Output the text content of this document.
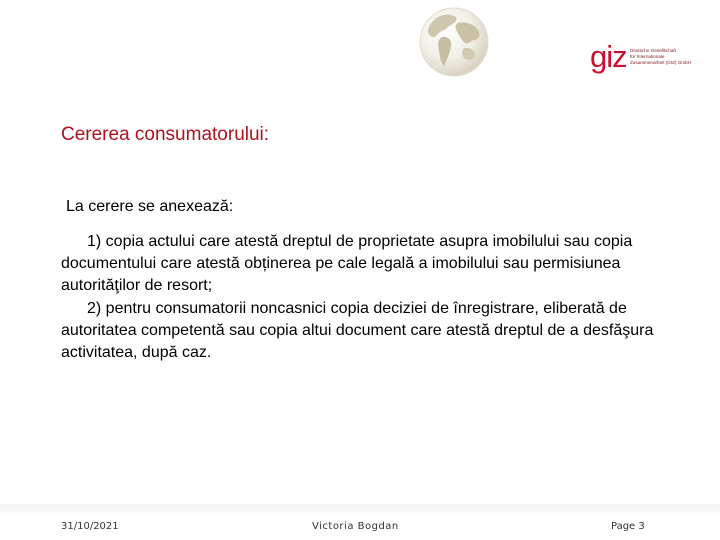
giz Deutsche Gesellschaft
für Internationale
Zusammenarbeit (GIZ) GmbH
Cererea consumatorului:
La cerere se anexează:
1) copia actului care atestă dreptul de proprietate asupra imobilului sau copia documentului care atestă obținerea pe cale legală a imobilului sau permisiunea autorităţilor de resort;
2) pentru consumatorii noncasnici copia deciziei de înregistrare, eliberată de autoritatea competentă sau copia altui document care atestă dreptul de a desfăşura activitatea, după caz.
31/10/2021	Victoria Bogdan	Page 3
